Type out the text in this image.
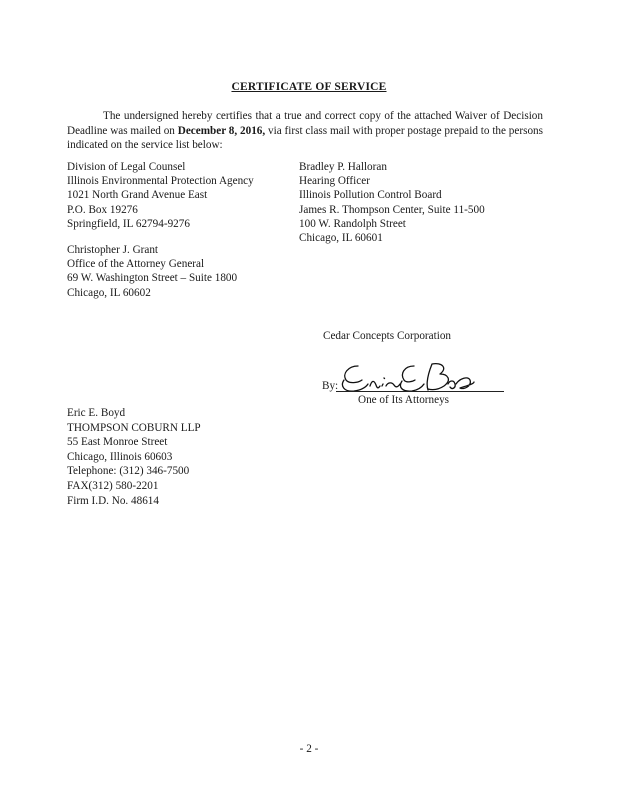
CERTIFICATE OF SERVICE
The undersigned hereby certifies that a true and correct copy of the attached Waiver of Decision Deadline was mailed on December 8, 2016, via first class mail with proper postage prepaid to the persons indicated on the service list below:
Division of Legal Counsel
Illinois Environmental Protection Agency
1021 North Grand Avenue East
P.O. Box 19276
Springfield, IL 62794-9276
Bradley P. Halloran
Hearing Officer
Illinois Pollution Control Board
James R. Thompson Center, Suite 11-500
100 W. Randolph Street
Chicago, IL 60601
Christopher J. Grant
Office of the Attorney General
69 W. Washington Street – Suite 1800
Chicago, IL 60602
Cedar Concepts Corporation
By:
One of Its Attorneys
Eric E. Boyd
THOMPSON COBURN LLP
55 East Monroe Street
Chicago, Illinois 60603
Telephone: (312) 346-7500
FAX(312) 580-2201
Firm I.D. No. 48614
- 2 -
